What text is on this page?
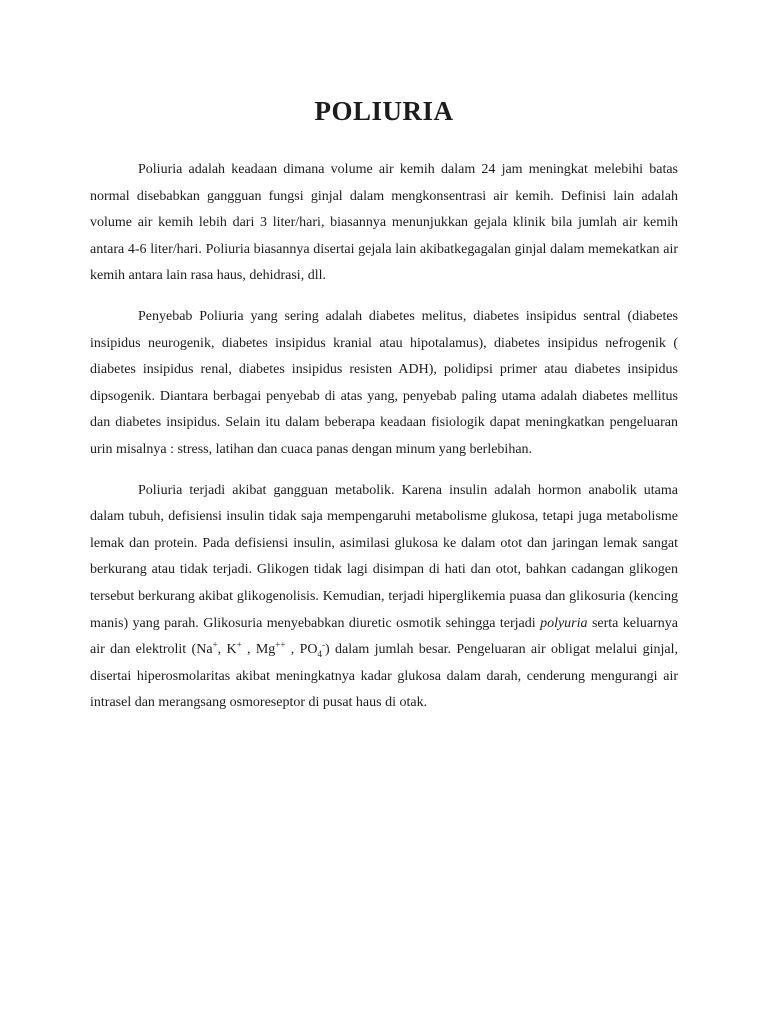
POLIURIA

Poliuria adalah keadaan dimana volume air kemih dalam 24 jam meningkat melebihi batas normal disebabkan gangguan fungsi ginjal dalam mengkonsentrasi air kemih. Definisi lain adalah volume air kemih lebih dari 3 liter/hari, biasannya menunjukkan gejala klinik bila jumlah air kemih antara 4-6 liter/hari. Poliuria biasannya disertai gejala lain akibatkegagalan ginjal dalam memekatkan air kemih antara lain rasa haus, dehidrasi, dll.

Penyebab Poliuria yang sering adalah diabetes melitus, diabetes insipidus sentral (diabetes insipidus neurogenik, diabetes insipidus kranial atau hipotalamus), diabetes insipidus nefrogenik ( diabetes insipidus renal, diabetes insipidus resisten ADH), polidipsi primer atau diabetes insipidus dipsogenik. Diantara berbagai penyebab di atas yang, penyebab paling utama adalah diabetes mellitus dan diabetes insipidus. Selain itu dalam beberapa keadaan fisiologik dapat meningkatkan pengeluaran urin misalnya : stress, latihan dan cuaca panas dengan minum yang berlebihan.

Poliuria terjadi akibat gangguan metabolik. Karena insulin adalah hormon anabolik utama dalam tubuh, defisiensi insulin tidak saja mempengaruhi metabolisme glukosa, tetapi juga metabolisme lemak dan protein. Pada defisiensi insulin, asimilasi glukosa ke dalam otot dan jaringan lemak sangat berkurang atau tidak terjadi. Glikogen tidak lagi disimpan di hati dan otot, bahkan cadangan glikogen tersebut berkurang akibat glikogenolisis. Kemudian, terjadi hiperglikemia puasa dan glikosuria (kencing manis) yang parah. Glikosuria menyebabkan diuretic osmotik sehingga terjadi polyuria serta keluarnya air dan elektrolit (Na+, K+ , Mg++ , $PO_4^-$) dalam jumlah besar. Pengeluaran air obligat melalui ginjal, disertai hiperosmolaritas akibat meningkatnya kadar glukosa dalam darah, cenderung mengurangi air intrasel dan merangsang osmoreseptor di pusat haus di otak.
